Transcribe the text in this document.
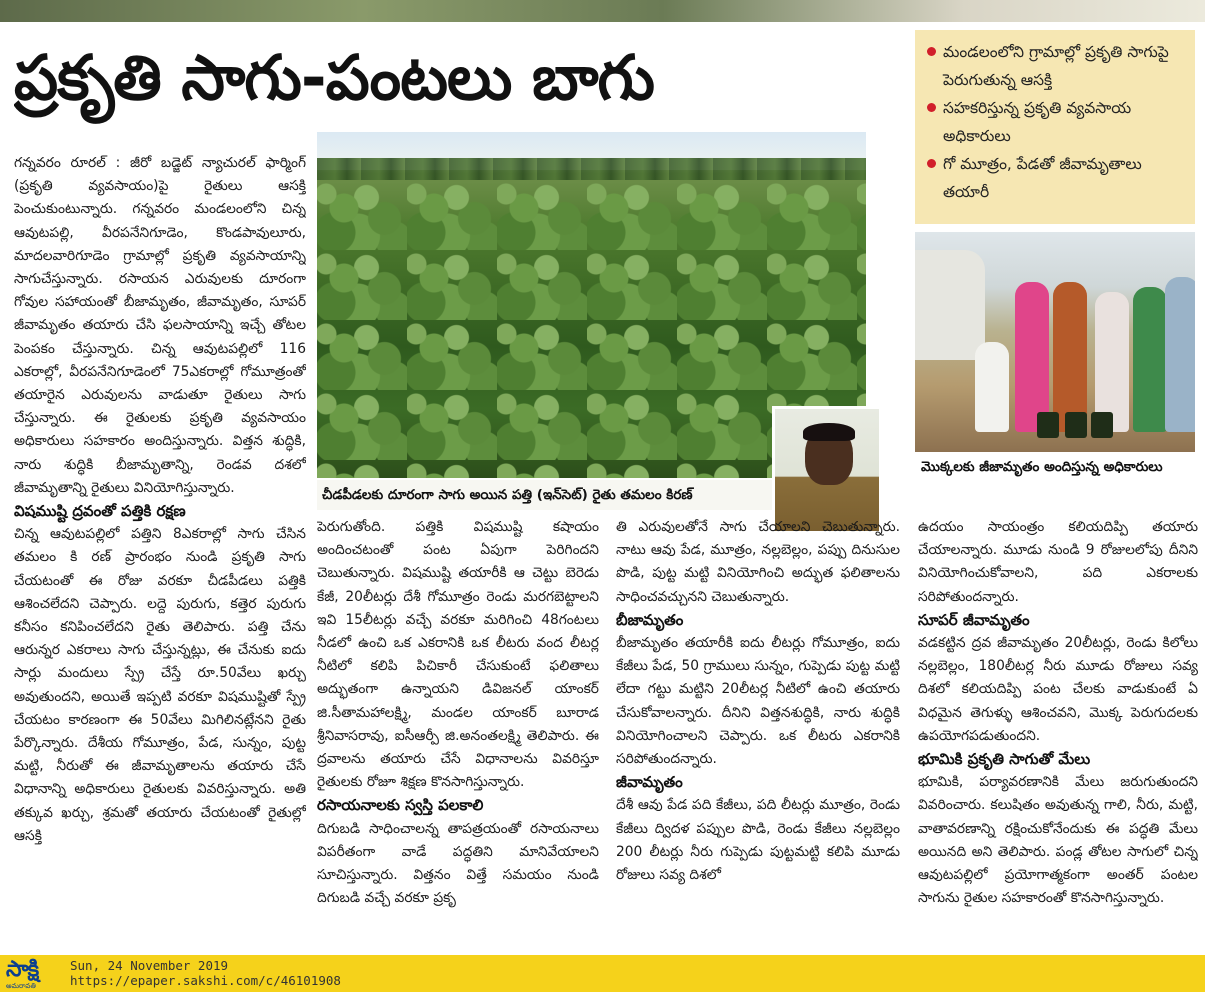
ప్రకృతి సాగు-పంటలు బాగు	మండలంలోని గ్రామాల్లో ప్రకృతి సాగుపై పెరుగుతున్న ఆసక్తి
సహకరిస్తున్న ప్రకృతి వ్యవసాయ అధికారులు
గో మూత్రం, పేడతో జీవామృతాలు తయారీ

గన్నవరం రూరల్ : జీరో బడ్జెట్ న్యాచురల్ ఫార్మింగ్ (ప్రకృతి వ్యవసాయం)పై రైతులు ఆసక్తి పెంచుకుంటున్నారు. గన్నవరం మండలంలోని చిన్న ఆవుటపల్లి, వీరపనేనిగూడెం, కొండపావులూరు, మాదలవారిగూడెం గ్రామాల్లో ప్రకృతి వ్యవసాయాన్ని సాగుచేస్తున్నారు. రసాయన ఎరువులకు దూరంగా గోవుల సహాయంతో బీజామృతం, జీవామృతం, సూపర్ జీవామృతం తయారు చేసి ఫలసాయాన్ని ఇచ్చే తోటల పెంపకం చేస్తున్నారు. చిన్న ఆవుటపల్లిలో 116 ఎకరాల్లో, వీరపనేనిగూడెంలో 75ఎకరాల్లో గోమూత్రంతో తయారైన ఎరువులను వాడుతూ రైతులు సాగు చేస్తున్నారు. ఈ రైతులకు ప్రకృతి వ్యవసాయం అధికారులు సహకారం అందిస్తున్నారు. విత్తన శుద్ధికి, నారు శుద్ధికి బీజామృతాన్ని, రెండవ దశలో జీవామృతాన్ని రైతులు వినియోగిస్తున్నారు.

విషముష్టి ద్రవంతో పత్తికి రక్షణ

చిన్న ఆవుటపల్లిలో పత్తిని 8ఎకరాల్లో సాగు చేసిన తమలం కి రణ్ ప్రారంభం నుండి ప్రకృతి సాగు చేయటంతో ఈ రోజు వరకూ చీడపీడలు పత్తికి ఆశించలేదని చెప్పారు. లద్దె పురుగు, కత్తెర పురుగు కనీసం కనిపించలేదని రైతు తెలిపారు. పత్తి చేను ఆరున్నర ఎకరాలు సాగు చేస్తున్నట్లు, ఈ చేనుకు ఐదు సార్లు మందులు స్ప్రే చేస్తే రూ.50వేలు ఖర్చు అవుతుందని, అయితే ఇప్పటి వరకూ విషముష్టితో స్ప్రే చేయటం కారణంగా ఈ 50వేలు మిగిలినట్లేనని రైతు పేర్కొన్నారు. దేశీయ గోమూత్రం, పేడ, సున్నం, పుట్ట మట్టి, నీరుతో ఈ జీవామృతాలను తయారు చేసే విధానాన్ని అధికారులు రైతులకు వివరిస్తున్నారు. అతి తక్కువ ఖర్చు, శ్రమతో తయారు చేయటంతో రైతుల్లో ఆసక్తి

చీడపీడలకు దూరంగా సాగు అయిన పత్తి (ఇన్‌సెట్) రైతు తమలం కిరణ్

పెరుగుతోంది. పత్తికి విషముష్టి కషాయం అందించటంతో పంట ఏపుగా పెరిగిందని చెబుతున్నారు. విషముష్టి తయారీకి ఆ చెట్టు బెరెడు కేజీ, 20లీటర్లు దేశీ గోమూత్రం రెండు మరగబెట్టాలని ఇవి 15లీటర్లు వచ్చే వరకూ మరిగించి 48గంటలు నీడలో ఉంచి ఒక ఎకరానికి ఒక లీటరు వంద లీటర్ల నీటిలో కలిపి పిచికారీ చేసుకుంటే ఫలితాలు అద్భుతంగా ఉన్నాయని డివిజనల్ యాంకర్ జి.సీతామహాలక్ష్మి, మండల యాంకర్ బూరాడ శ్రీనివాసరావు, ఐసీఆర్పీ జి.అనంతలక్ష్మి తెలిపారు. ఈ ద్రవాలను తయారు చేసే విధానాలను వివరిస్తూ రైతులకు రోజూ శిక్షణ కొనసాగిస్తున్నారు.

రసాయనాలకు స్వస్తి పలకాలి

దిగుబడి సాధించాలన్న తాపత్రయంతో రసాయనాలు విపరీతంగా వాడే పద్ధతిని మానివేయాలని సూచిస్తున్నారు. విత్తనం విత్తే సమయం నుండి దిగుబడి వచ్చే వరకూ ప్రకృ

తి ఎరువులతోనే సాగు చేయాలని చెబుతున్నారు. నాటు ఆవు పేడ, మూత్రం, నల్లబెల్లం, పప్పు దినుసుల పొడి, పుట్ట మట్టి వినియోగించి అద్భుత ఫలితాలను సాధించవచ్చునని చెబుతున్నారు.

బీజామృతం

బీజామృతం తయారీకి ఐదు లీటర్లు గోమూత్రం, ఐదు కేజీలు పేడ, 50 గ్రాములు సున్నం, గుప్పెడు పుట్ట మట్టి లేదా గట్టు మట్టిని 20లీటర్ల నీటిలో ఉంచి తయారు చేసుకోవాలన్నారు. దీనిని విత్తనశుద్ధికి, నారు శుద్ధికి వినియోగించాలని చెప్పారు. ఒక లీటరు ఎకరానికి సరిపోతుందన్నారు.

జీవామృతం

దేశీ ఆవు పేడ పది కేజీలు, పది లీటర్లు మూత్రం, రెండు కేజీలు ద్విదళ పప్పుల పొడి, రెండు కేజీలు నల్లబెల్లం 200 లీటర్లు నీరు గుప్పెడు పుట్టమట్టి కలిపి మూడు రోజులు సవ్య దిశలో

మొక్కలకు జీజామృతం అందిస్తున్న అధికారులు

ఉదయం సాయంత్రం కలియదిప్పి తయారు చేయాలన్నారు. మూడు నుండి 9 రోజులలోపు దీనిని వినియోగించుకోవాలని, పది ఎకరాలకు సరిపోతుందన్నారు.

సూపర్ జీవామృతం

వడకట్టిన ద్రవ జీవామృతం 20లీటర్లు, రెండు కిలోలు నల్లబెల్లం, 180లీటర్ల నీరు మూడు రోజులు సవ్య దిశలో కలియదిప్పి పంట చేలకు వాడుకుంటే ఏ విధమైన తెగుళ్ళు ఆశించవని, మొక్క పెరుగుదలకు ఉపయోగపడుతుందని.

భూమికి ప్రకృతి సాగుతో మేలు

భూమికి, పర్యావరణానికి మేలు జరుగుతుందని వివరించారు. కలుషితం అవుతున్న గాలి, నీరు, మట్టి, వాతావరణాన్ని రక్షించుకోనేందుకు ఈ పద్ధతి మేలు అయినది అని తెలిపారు. పండ్ల తోటల సాగులో చిన్న ఆవుటపల్లిలో ప్రయోగాత్మకంగా అంతర్ పంటల సాగును రైతుల సహకారంతో కొనసాగిస్తున్నారు.

సాక్షి
అమరావతి
Sun, 24 November 2019
https://epaper.sakshi.com/c/46101908
